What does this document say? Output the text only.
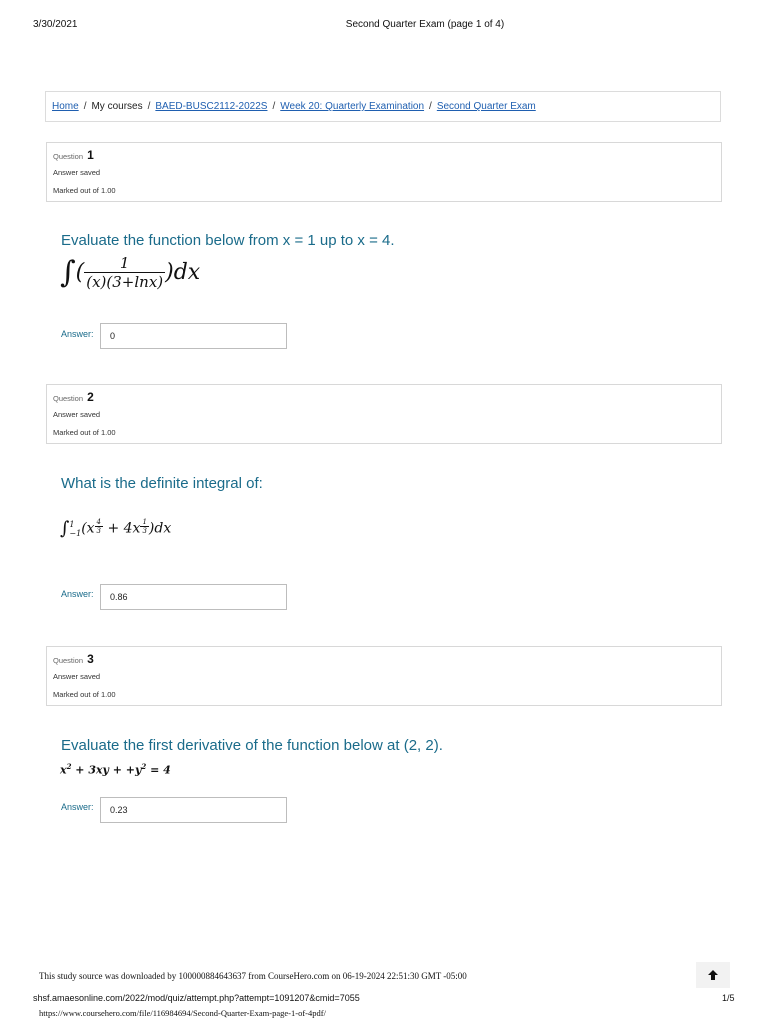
3/30/2021	Second Quarter Exam (page 1 of 4)
Home / My courses / BAED-BUSC2112-2022S / Week 20: Quarterly Examination / Second Quarter Exam
Question 1
Answer saved
Marked out of 1.00
Evaluate the function below from x = 1 up to x = 4.
∫( $\frac{1}{(x)(3+\ln x)} )dx$
Answer:	0
Question 2
Answer saved
Marked out of 1.00
What is the definite integral of:
∫ 1
−1 $(x \frac{4}{3} + 4x \frac{1}{3} )dx$
Answer:	0.86
Question 3
Answer saved
Marked out of 1.00
Evaluate the first derivative of the function below at (2, 2).
$x^2 + 3xy + +y^2 = 4$
Answer:	0.23
This study source was downloaded by 100000884643637 from CourseHero.com on 06-19-2024 22:51:30 GMT -05:00
shsf.amaesonline.com/2022/mod/quiz/attempt.php?attempt=1091207&cmid=7055	1/5
https://www.coursehero.com/file/116984694/Second-Quarter-Exam-page-1-of-4pdf/
